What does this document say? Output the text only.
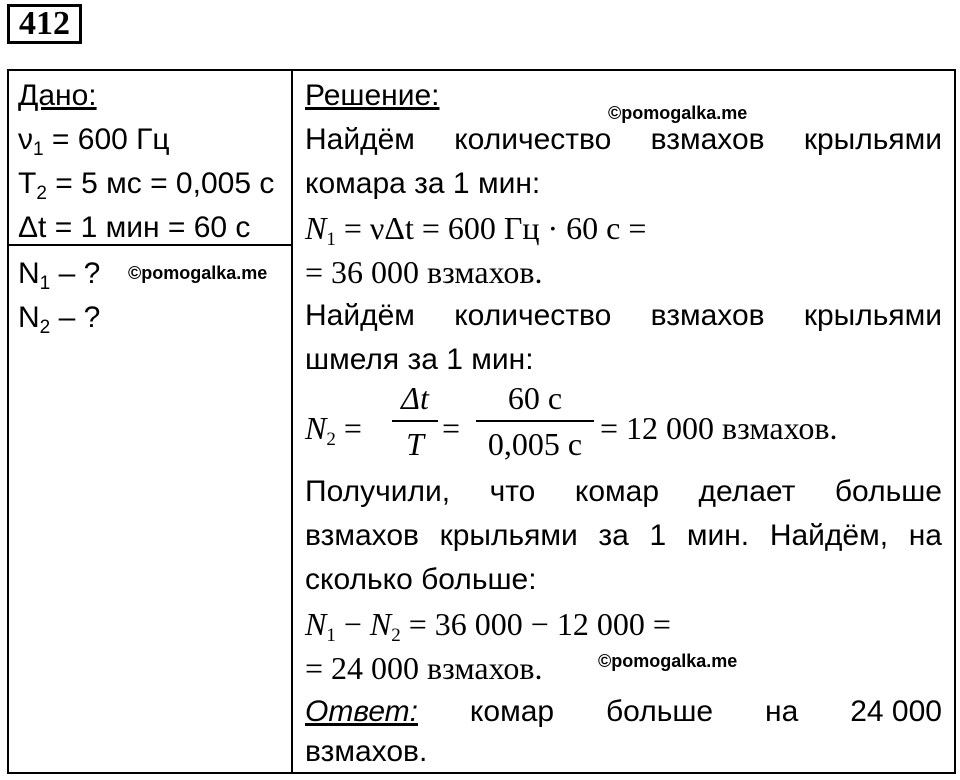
412
Дано:
$\nu_1 = 600$ Гц
$T_2 = 5$ мс = 0,005 с
Δt = 1 мин = 60 с
$N_1$ – ? ©pomogalka.me
$N_2$ – ?
Решение:
©pomogalka.me
Найдём количество взмахов крыльями
комара за 1 мин:
$N_1 = \nu\Delta t = 600$ Гц · 60 с =
= 36 000 взмахов.
Найдём количество взмахов крыльями
шмеля за 1 мин:
$N_2$ =
Δt
T =
60 с
0,005 с = 12 000 взмахов.
Получили, что комар делает больше
взмахов крыльями за 1 мин. Найдём, на
сколько больше:
$N_1 - N_2 = 36$ 000 − 12 000 =
= 24 000 взмахов.	©pomogalka.me
Ответ: комар больше на 24 000
взмахов.
